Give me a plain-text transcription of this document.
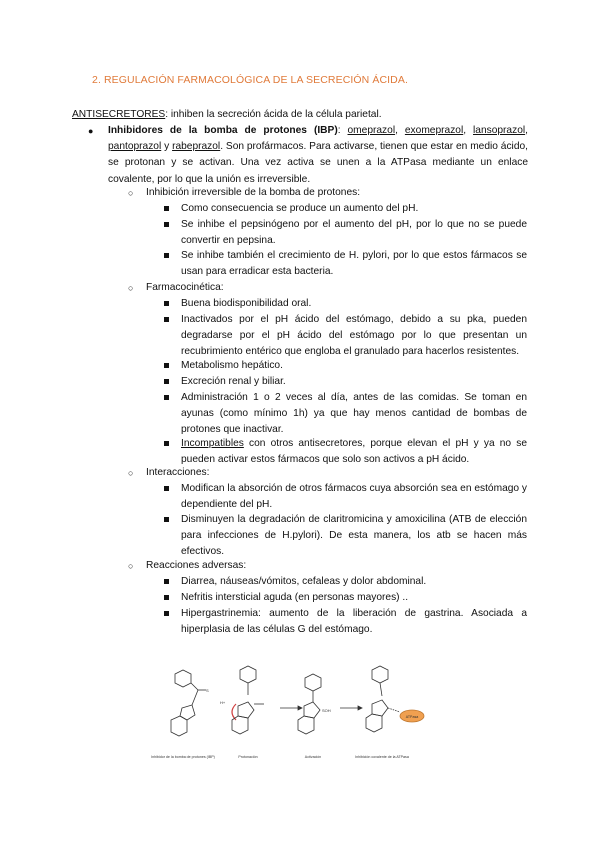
2. REGULACIÓN FARMACOLÓGICA DE LA SECRECIÓN ÁCIDA.
ANTISECRETORES: inhiben la secreción ácida de la célula parietal.
● Inhibidores de la bomba de protones (IBP): omeprazol, exomeprazol, lansoprazol, pantoprazol y rabeprazol. Son profármacos. Para activarse, tienen que estar en medio ácido, se protonan y se activan. Una vez activa se unen a la ATPasa mediante un enlace covalente, por lo que la unión es irreversible.
○ Inhibición irreversible de la bomba de protones:
Como consecuencia se produce un aumento del pH.
Se inhibe el pepsinógeno por el aumento del pH, por lo que no se puede convertir en pepsina.
Se inhibe también el crecimiento de H. pylori, por lo que estos fármacos se usan para erradicar esta bacteria.
○ Farmacocinética:
Buena biodisponibilidad oral.
Inactivados por el pH ácido del estómago, debido a su pka, pueden degradarse por el pH ácido del estómago por lo que presentan un recubrimiento entérico que engloba el granulado para hacerlos resistentes.
Metabolismo hepático.
Excreción renal y biliar.
Administración 1 o 2 veces al día, antes de las comidas. Se toman en ayunas (como mínimo 1h) ya que hay menos cantidad de bombas de protones que inactivar.
Incompatibles con otros antisecretores, porque elevan el pH y ya no se pueden activar estos fármacos que solo son activos a pH ácido.
○ Interacciones:
Modifican la absorción de otros fármacos cuya absorción sea en estómago y dependiente del pH.
Disminuyen la degradación de claritromicina y amoxicilina (ATB de elección para infecciones de H.pylori). De esta manera, los atb se hacen más efectivos.
○ Reacciones adversas:
Diarrea, náuseas/vómitos, cefaleas y dolor abdominal.
Nefritis intersticial aguda (en personas mayores) ..
Hipergastrinemia: aumento de la liberación de gastrina. Asociada a hiperplasia de las células G del estómago.
S
H+
SOH
ATPasa
Inhibidor de la bomba de protones (IBP)	Protonación	Activación	Inhibición covalente de la ATPasa
